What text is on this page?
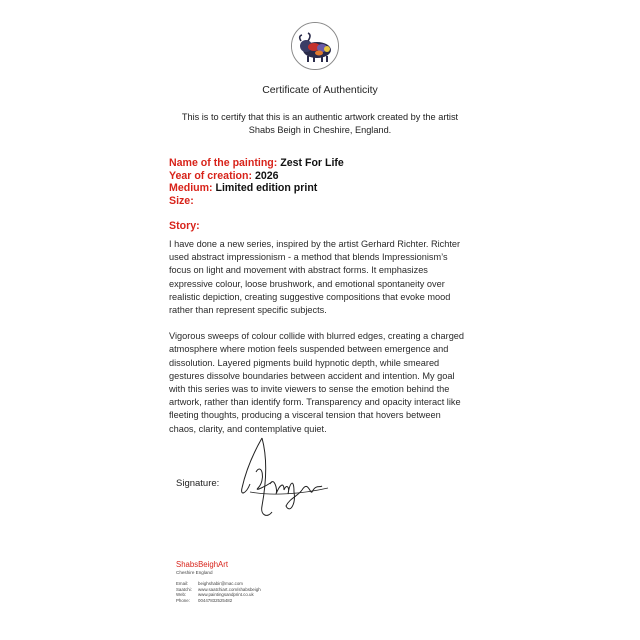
Certificate of Authenticity
This is to certify that this is an authentic artwork created by the artist
Shabs Beigh in Cheshire, England.
Name of the painting: Zest For Life
Year of creation: 2026
Medium: Limited edition print
Size:
Story:

I have done a new series, inspired by the artist Gerhard Richter. Richter used abstract impressionism - a method that blends Impressionism’s focus on light and movement with abstract forms. It emphasizes expressive colour, loose brushwork, and emotional spontaneity over realistic depiction, creating suggestive compositions that evoke mood rather than represent specific subjects.

Vigorous sweeps of colour collide with blurred edges, creating a charged atmosphere where motion feels suspended between emergence and dissolution. Layered pigments build hypnotic depth, while smeared gestures dissolve boundaries between accident and intention. My goal with this series was to invite viewers to sense the emotion behind the artwork, rather than identify form. Transparency and opacity interact like fleeting thoughts, producing a visceral tension that hovers between chaos, clarity, and contemplative quiet.

Signature:
ShabsBeighArt
Cheshire England
Email: beighshabir@mac.com
Saatchi: www.saatchiart.com/shabsbeigh
Web:	www.paintingsandprint.co.uk
Phone: 00447832525482
